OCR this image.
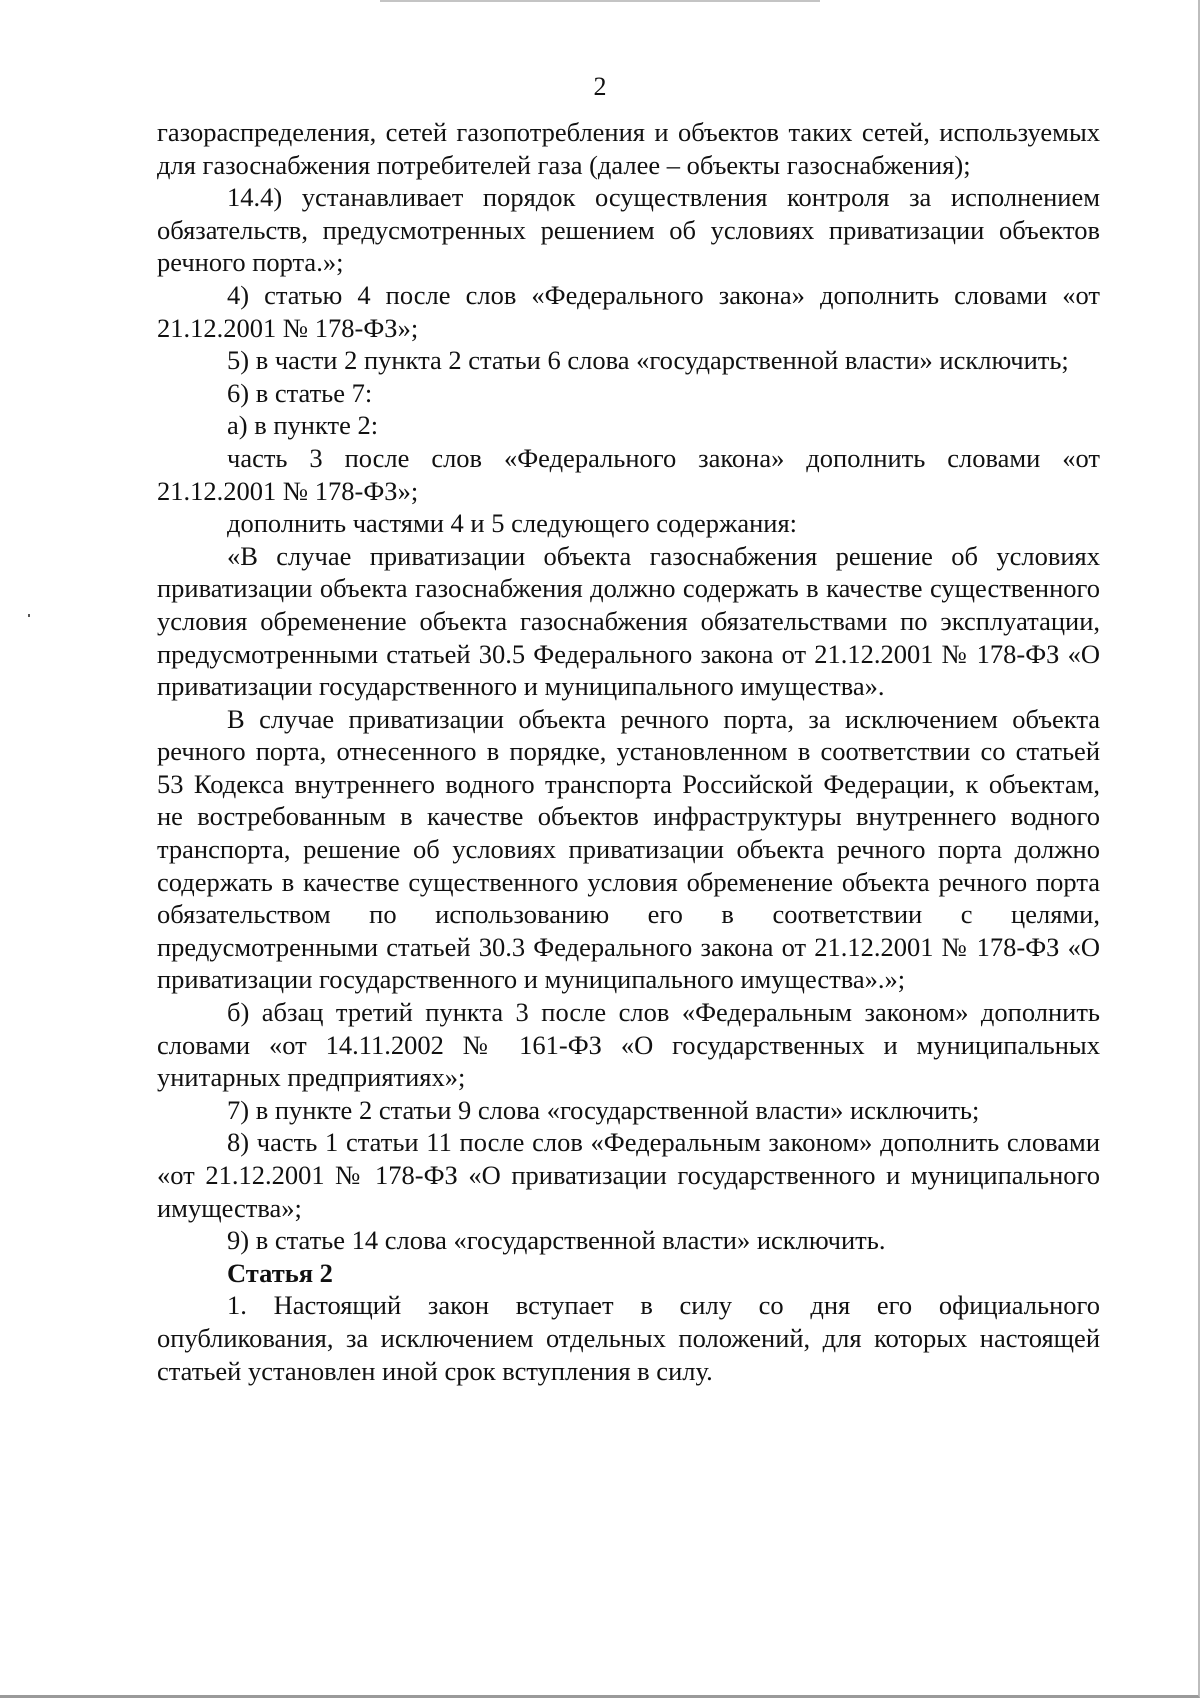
2

газораспределения, сетей газопотребления и объектов таких сетей, используемых для газоснабжения потребителей газа (далее – объекты газоснабжения);

14.4) устанавливает порядок осуществления контроля за исполнением обязательств, предусмотренных решением об условиях приватизации объектов речного порта.»;

4) статью 4 после слов «Федерального закона» дополнить словами «от 21.12.2001 № 178-ФЗ»;

5) в части 2 пункта 2 статьи 6 слова «государственной власти» исключить;

6) в статье 7:

а) в пункте 2:

часть 3 после слов «Федерального закона» дополнить словами «от 21.12.2001 № 178-ФЗ»;

дополнить частями 4 и 5 следующего содержания:

«В случае приватизации объекта газоснабжения решение об условиях приватизации объекта газоснабжения должно содержать в качестве существенного условия обременение объекта газоснабжения обязательствами по эксплуатации, предусмотренными статьей 30.5 Федерального закона от 21.12.2001 № 178-ФЗ «О приватизации государственного и муниципального имущества».

В случае приватизации объекта речного порта, за исключением объекта речного порта, отнесенного в порядке, установленном в соответствии со статьей 53 Кодекса внутреннего водного транспорта Российской Федерации, к объектам, не востребованным в качестве объектов инфраструктуры внутреннего водного транспорта, решение об условиях приватизации объекта речного порта должно содержать в качестве существенного условия обременение объекта речного порта обязательством по использованию его в соответствии с целями, предусмотренными статьей 30.3 Федерального закона от 21.12.2001 № 178-ФЗ «О приватизации государственного и муниципального имущества».»;

б) абзац третий пункта 3 после слов «Федеральным законом» дополнить словами «от 14.11.2002 № 161-ФЗ «О государственных и муниципальных унитарных предприятиях»;

7) в пункте 2 статьи 9 слова «государственной власти» исключить;

8) часть 1 статьи 11 после слов «Федеральным законом» дополнить словами «от 21.12.2001 № 178-ФЗ «О приватизации государственного и муниципального имущества»;

9) в статье 14 слова «государственной власти» исключить.

Статья 2

1. Настоящий закон вступает в силу со дня его официального опубликования, за исключением отдельных положений, для которых настоящей статьей установлен иной срок вступления в силу.
